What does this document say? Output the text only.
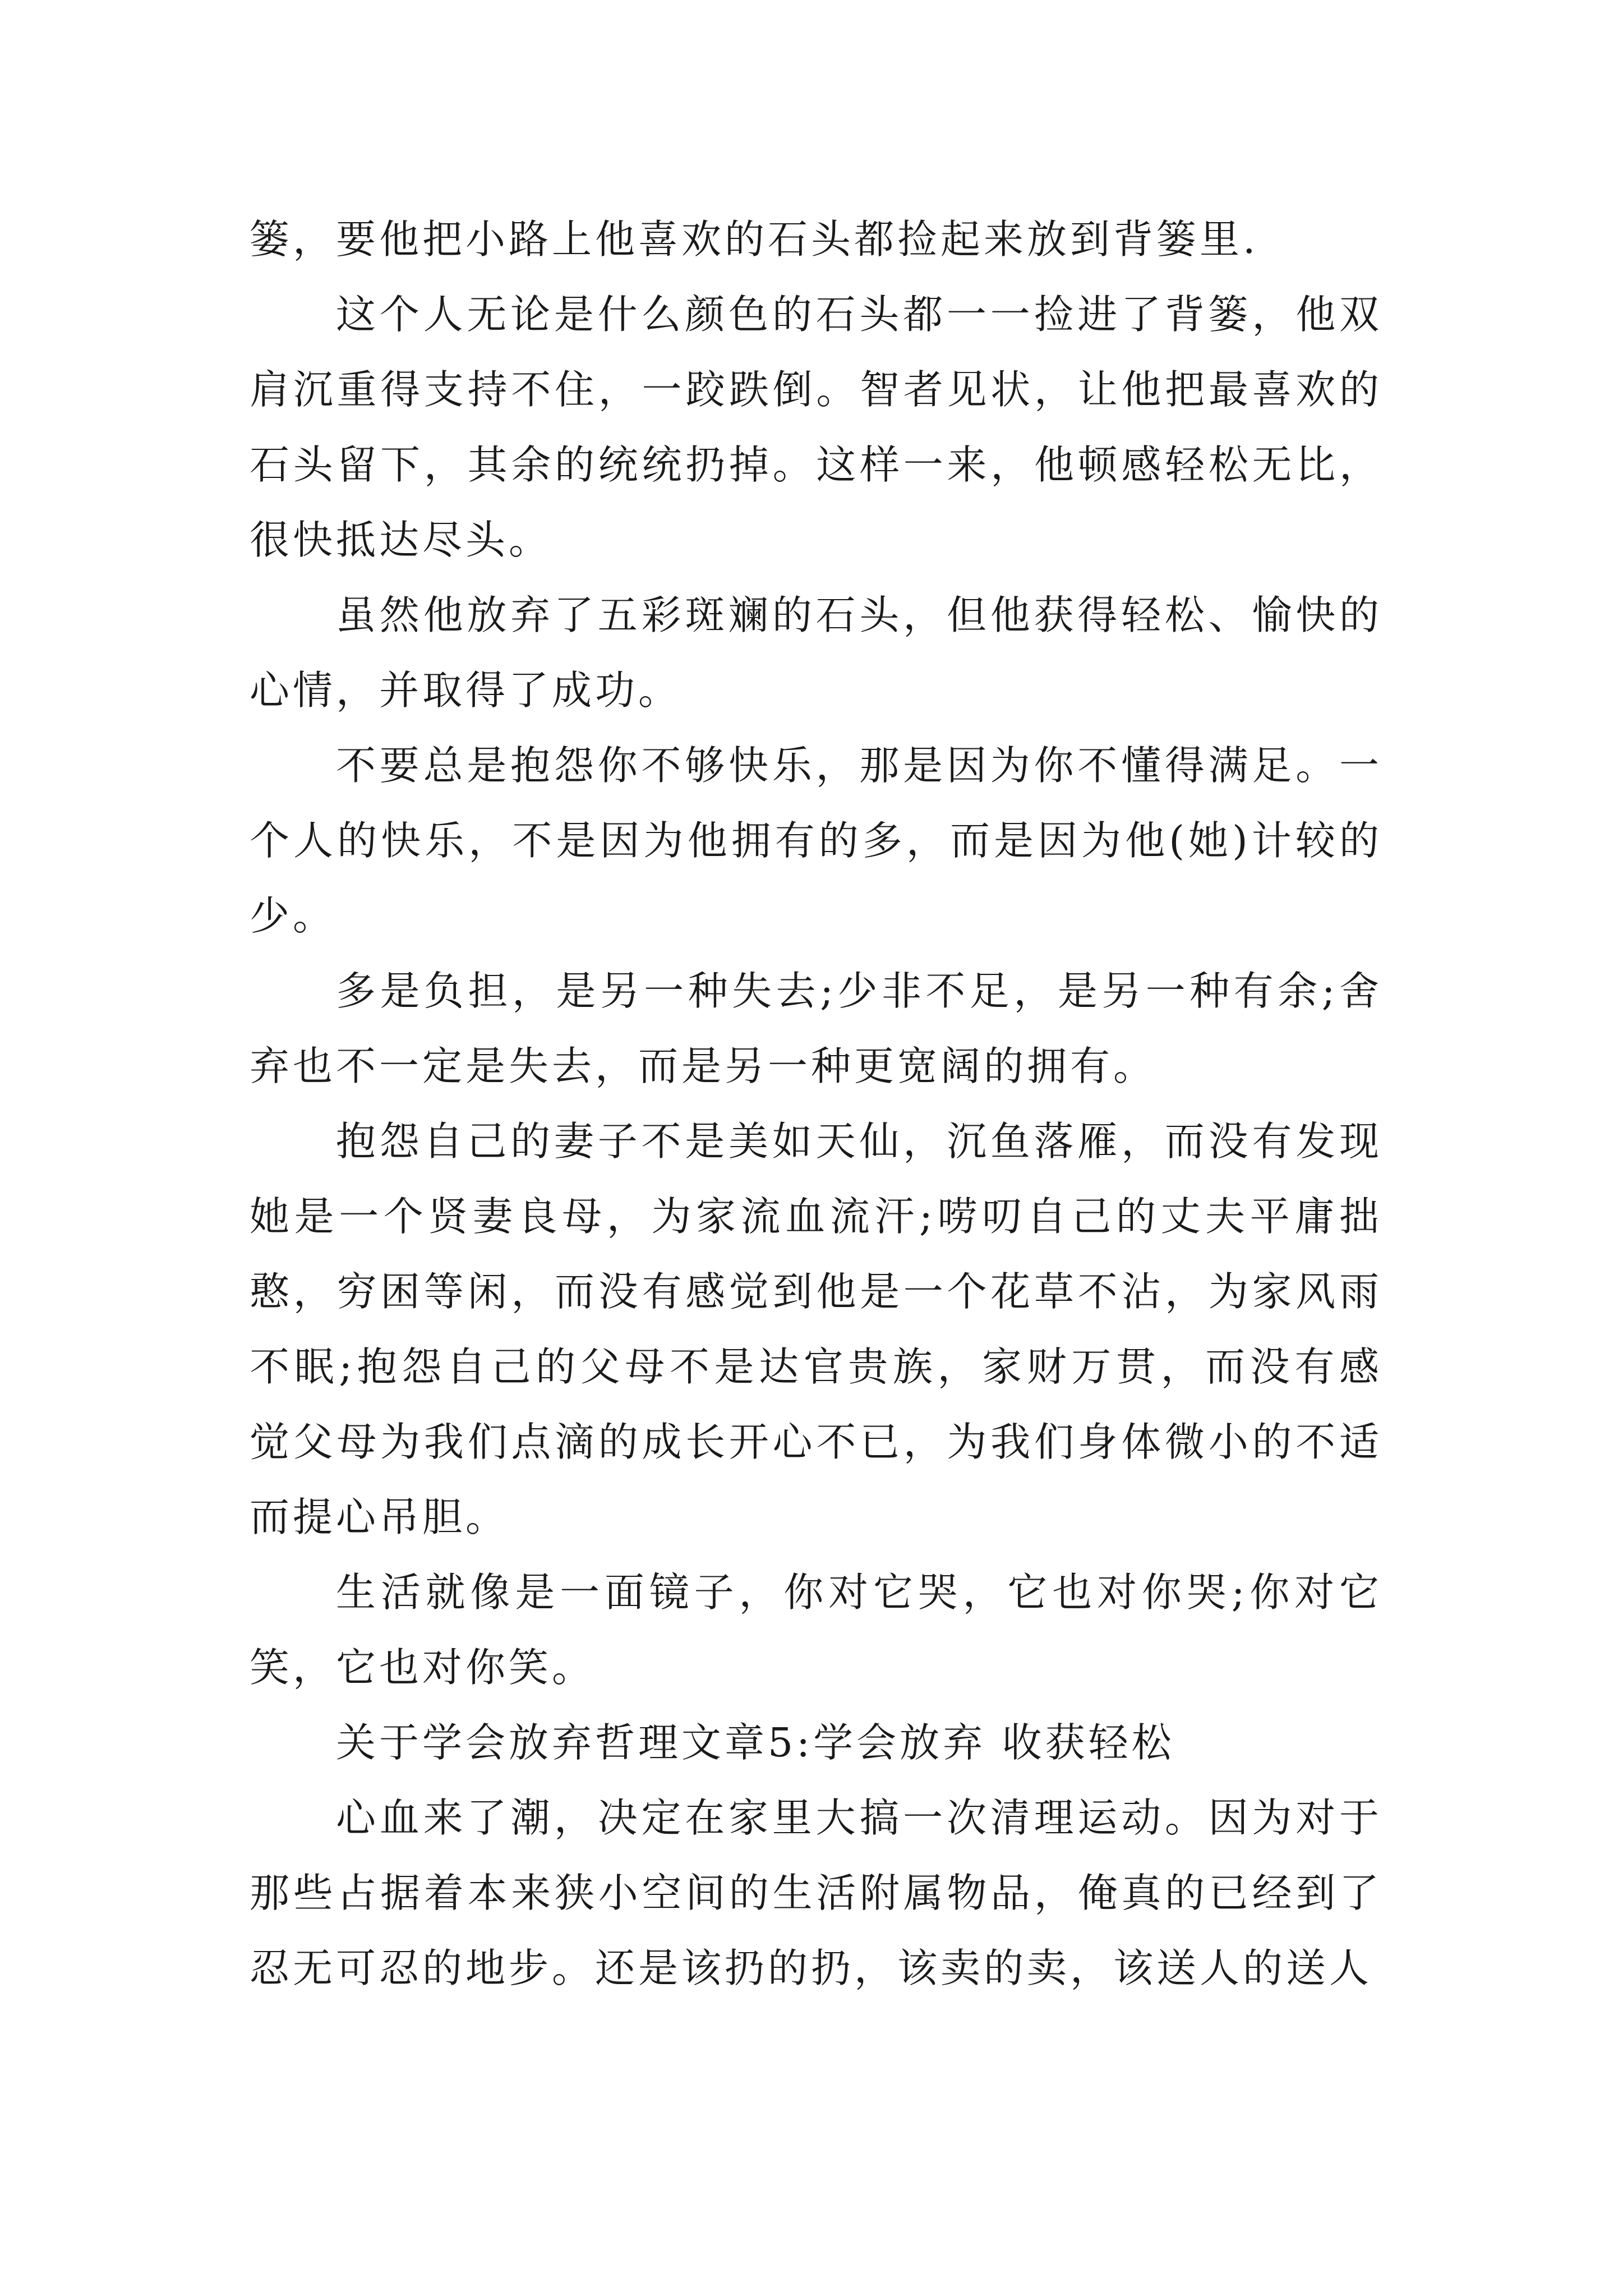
篓，要他把小路上他喜欢的石头都捡起来放到背篓里.

这个人无论是什么颜色的石头都一一捡进了背篓，他双肩沉重得支持不住，一跤跌倒。智者见状，让他把最喜欢的石头留下，其余的统统扔掉。这样一来，他顿感轻松无比，很快抵达尽头。

虽然他放弃了五彩斑斓的石头，但他获得轻松、愉快的心情，并取得了成功。

不要总是抱怨你不够快乐，那是因为你不懂得满足。一个人的快乐，不是因为他拥有的多，而是因为他(她)计较的少。

多是负担，是另一种失去;少非不足，是另一种有余;舍弃也不一定是失去，而是另一种更宽阔的拥有。

抱怨自己的妻子不是美如天仙，沉鱼落雁，而没有发现她是一个贤妻良母，为家流血流汗;唠叨自己的丈夫平庸拙憨，穷困等闲，而没有感觉到他是一个花草不沾，为家风雨不眠;抱怨自己的父母不是达官贵族，家财万贯，而没有感觉父母为我们点滴的成长开心不已，为我们身体微小的不适而提心吊胆。

生活就像是一面镜子，你对它哭，它也对你哭;你对它笑，它也对你笑。

关于学会放弃哲理文章5:学会放弃 收获轻松

心血来了潮，决定在家里大搞一次清理运动。因为对于那些占据着本来狭小空间的生活附属物品，俺真的已经到了忍无可忍的地步。还是该扔的扔，该卖的卖，该送人的送人
